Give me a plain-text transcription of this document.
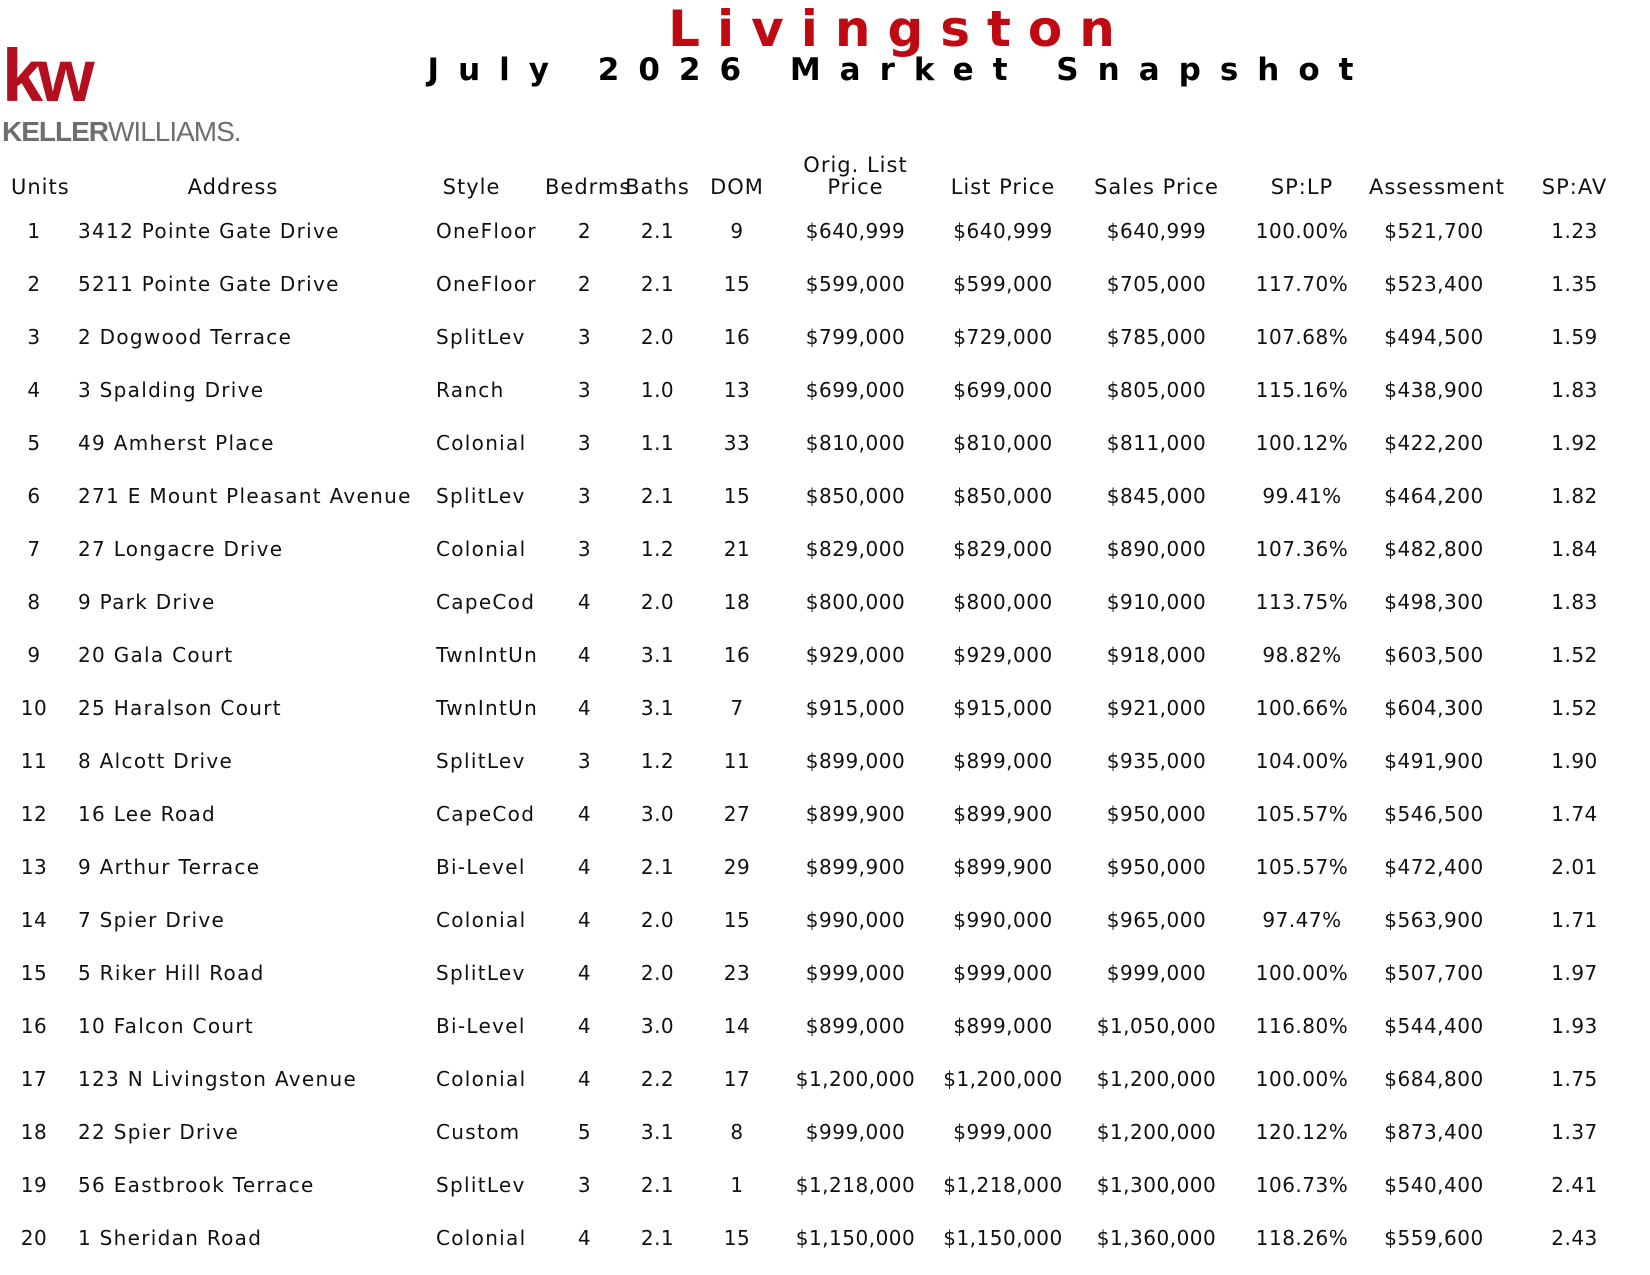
kw
KELLERWILLIAMS.
Livingston
July 2026 Market Snapshot
Units	Address	Style	Bedrms	Baths	DOM	Orig. List Price	List Price	Sales Price	SP:LP	Assessment	SP:AV
1	3412 Pointe Gate Drive	OneFloor	2	2.1	9	$640,999	$640,999	$640,999	100.00%	$521,700	1.23
2	5211 Pointe Gate Drive	OneFloor	2	2.1	15	$599,000	$599,000	$705,000	117.70%	$523,400	1.35
3	2 Dogwood Terrace	SplitLev	3	2.0	16	$799,000	$729,000	$785,000	107.68%	$494,500	1.59
4	3 Spalding Drive	Ranch	3	1.0	13	$699,000	$699,000	$805,000	115.16%	$438,900	1.83
5	49 Amherst Place	Colonial	3	1.1	33	$810,000	$810,000	$811,000	100.12%	$422,200	1.92
6	271 E Mount Pleasant Avenue	SplitLev	3	2.1	15	$850,000	$850,000	$845,000	99.41%	$464,200	1.82
7	27 Longacre Drive	Colonial	3	1.2	21	$829,000	$829,000	$890,000	107.36%	$482,800	1.84
8	9 Park Drive	CapeCod	4	2.0	18	$800,000	$800,000	$910,000	113.75%	$498,300	1.83
9	20 Gala Court	TwnIntUn	4	3.1	16	$929,000	$929,000	$918,000	98.82%	$603,500	1.52
10	25 Haralson Court	TwnIntUn	4	3.1	7	$915,000	$915,000	$921,000	100.66%	$604,300	1.52
11	8 Alcott Drive	SplitLev	3	1.2	11	$899,000	$899,000	$935,000	104.00%	$491,900	1.90
12	16 Lee Road	CapeCod	4	3.0	27	$899,900	$899,900	$950,000	105.57%	$546,500	1.74
13	9 Arthur Terrace	Bi-Level	4	2.1	29	$899,900	$899,900	$950,000	105.57%	$472,400	2.01
14	7 Spier Drive	Colonial	4	2.0	15	$990,000	$990,000	$965,000	97.47%	$563,900	1.71
15	5 Riker Hill Road	SplitLev	4	2.0	23	$999,000	$999,000	$999,000	100.00%	$507,700	1.97
16	10 Falcon Court	Bi-Level	4	3.0	14	$899,000	$899,000	$1,050,000	116.80%	$544,400	1.93
17	123 N Livingston Avenue	Colonial	4	2.2	17	$1,200,000	$1,200,000	$1,200,000	100.00%	$684,800	1.75
18	22 Spier Drive	Custom	5	3.1	8	$999,000	$999,000	$1,200,000	120.12%	$873,400	1.37
19	56 Eastbrook Terrace	SplitLev	3	2.1	1	$1,218,000	$1,218,000	$1,300,000	106.73%	$540,400	2.41
20	1 Sheridan Road	Colonial	4	2.1	15	$1,150,000	$1,150,000	$1,360,000	118.26%	$559,600	2.43
